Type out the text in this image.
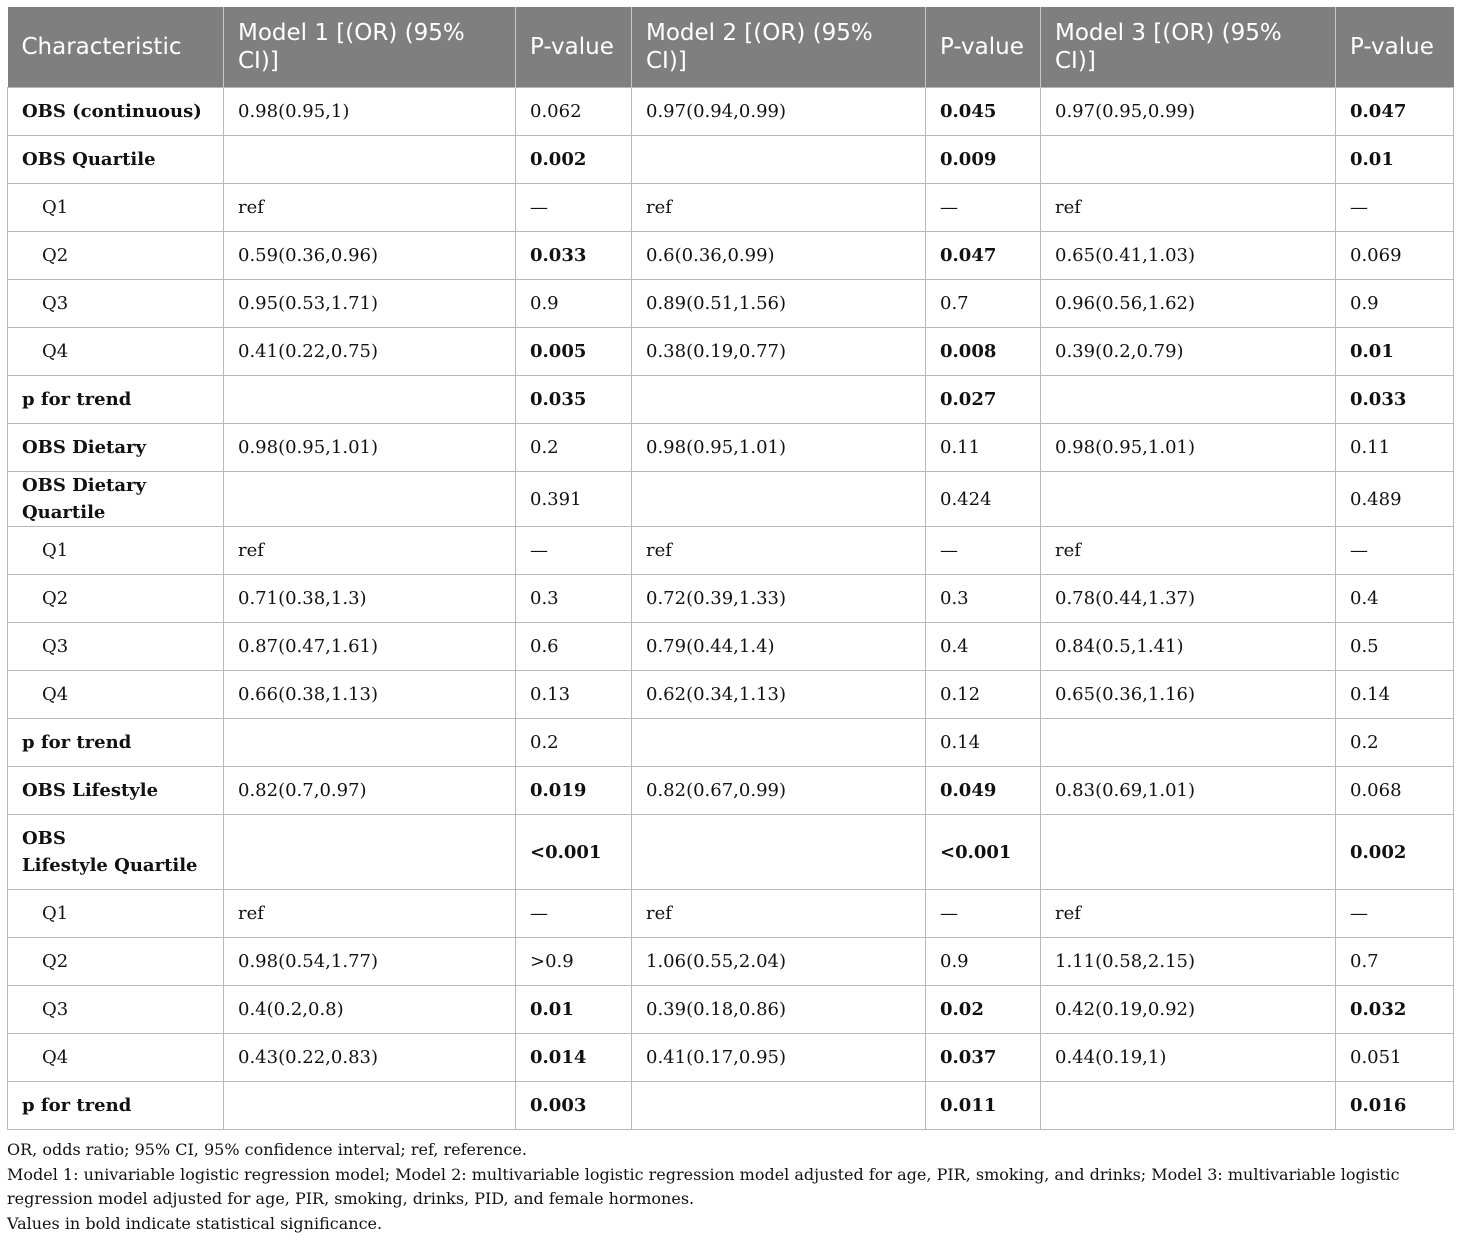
Characteristic	Model 1 [(OR) (95% CI)]	P-value	Model 2 [(OR) (95% CI)]	P-value	Model 3 [(OR) (95% CI)]	P-value
OBS (continuous)	0.98(0.95,1)	0.062	0.97(0.94,0.99)	0.045	0.97(0.95,0.99)	0.047
OBS Quartile		0.002		0.009		0.01
Q1	ref	—	ref	—	ref	—
Q2	0.59(0.36,0.96)	0.033	0.6(0.36,0.99)	0.047	0.65(0.41,1.03)	0.069
Q3	0.95(0.53,1.71)	0.9	0.89(0.51,1.56)	0.7	0.96(0.56,1.62)	0.9
Q4	0.41(0.22,0.75)	0.005	0.38(0.19,0.77)	0.008	0.39(0.2,0.79)	0.01
p for trend		0.035		0.027		0.033
OBS Dietary	0.98(0.95,1.01)	0.2	0.98(0.95,1.01)	0.11	0.98(0.95,1.01)	0.11
OBS Dietary Quartile		0.391		0.424		0.489
Q1	ref	—	ref	—	ref	—
Q2	0.71(0.38,1.3)	0.3	0.72(0.39,1.33)	0.3	0.78(0.44,1.37)	0.4
Q3	0.87(0.47,1.61)	0.6	0.79(0.44,1.4)	0.4	0.84(0.5,1.41)	0.5
Q4	0.66(0.38,1.13)	0.13	0.62(0.34,1.13)	0.12	0.65(0.36,1.16)	0.14
p for trend		0.2		0.14		0.2
OBS Lifestyle	0.82(0.7,0.97)	0.019	0.82(0.67,0.99)	0.049	0.83(0.69,1.01)	0.068
OBS
Lifestyle Quartile		<0.001		<0.001		0.002
Q1	ref	—	ref	—	ref	—
Q2	0.98(0.54,1.77)	>0.9	1.06(0.55,2.04)	0.9	1.11(0.58,2.15)	0.7
Q3	0.4(0.2,0.8)	0.01	0.39(0.18,0.86)	0.02	0.42(0.19,0.92)	0.032
Q4	0.43(0.22,0.83)	0.014	0.41(0.17,0.95)	0.037	0.44(0.19,1)	0.051
p for trend		0.003		0.011		0.016

OR, odds ratio; 95% CI, 95% confidence interval; ref, reference.

Model 1: univariable logistic regression model; Model 2: multivariable logistic regression model adjusted for age, PIR, smoking, and drinks; Model 3: multivariable logistic regression model adjusted for age, PIR, smoking, drinks, PID, and female hormones.

Values in bold indicate statistical significance.
